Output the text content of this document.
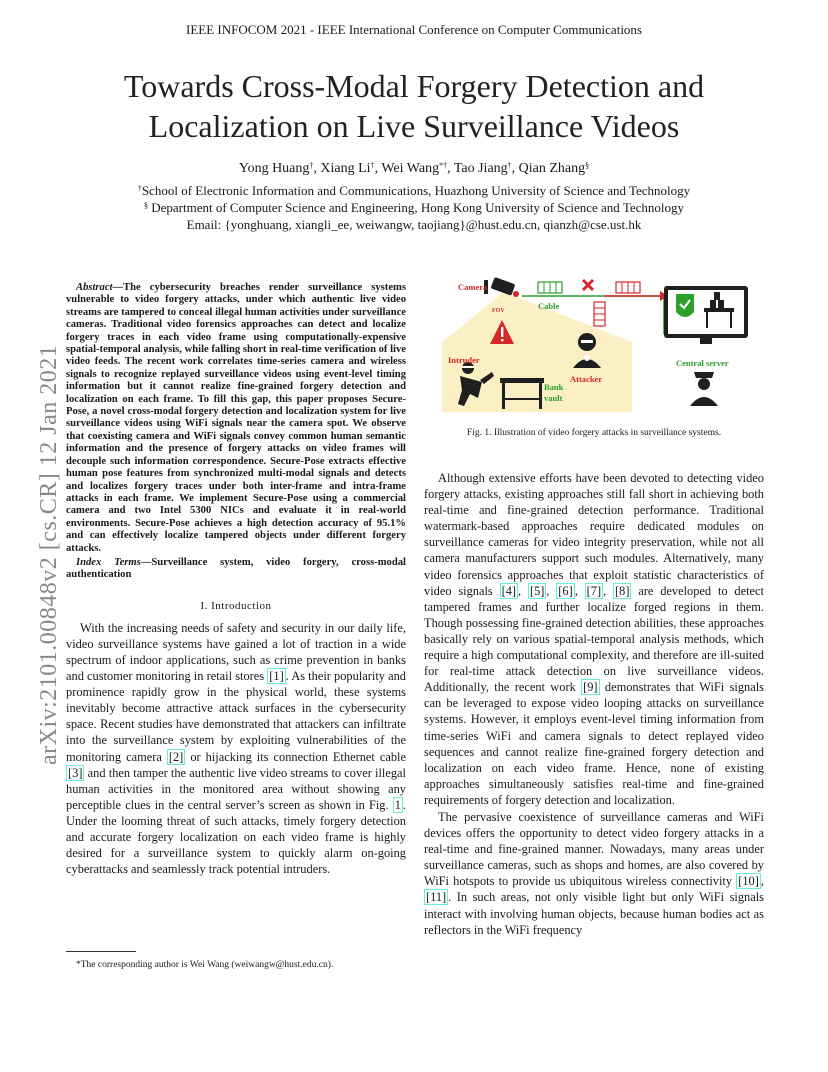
IEEE INFOCOM 2021 - IEEE International Conference on Computer Communications
Towards Cross-Modal Forgery Detection and
Localization on Live Surveillance Videos
Yong Huang†, Xiang Li†, Wei Wang*†, Tao Jiang†, Qian Zhang§
†School of Electronic Information and Communications, Huazhong University of Science and Technology
§ Department of Computer Science and Engineering, Hong Kong University of Science and Technology
Email: {yonghuang, xiangli_ee, weiwangw, taojiang}@hust.edu.cn, qianzh@cse.ust.hk
arXiv:2101.00848v2 [cs.CR] 12 Jan 2021

Abstract—The cybersecurity breaches render surveillance systems vulnerable to video forgery attacks, under which authentic live video streams are tampered to conceal illegal human activities under surveillance cameras. Traditional video forensics approaches can detect and localize forgery traces in each video frame using computationally-expensive spatial-temporal analysis, while falling short in real-time verification of live video feeds. The recent work correlates time-series camera and wireless signals to recognize replayed surveillance videos using event-level timing information but it cannot realize fine-grained forgery detection and localization on each frame. To fill this gap, this paper proposes Secure-Pose, a novel cross-modal forgery detection and localization system for live surveillance videos using WiFi signals near the camera spot. We observe that coexisting camera and WiFi signals convey common human semantic information and the presence of forgery attacks on video frames will decouple such information correspondence. Secure-Pose extracts effective human pose features from synchronized multi-modal signals and detects and localizes forgery traces under both inter-frame and intra-frame attacks in each frame. We implement Secure-Pose using a commercial camera and two Intel 5300 NICs and evaluate it in real-world environments. Secure-Pose achieves a high detection accuracy of 95.1% and can effectively localize tampered objects under different forgery attacks.

Index Terms—Surveillance system, video forgery, cross-modal authentication

I. Introduction

With the increasing needs of safety and security in our daily life, video surveillance systems have gained a lot of traction in a wide spectrum of indoor applications, such as crime prevention in banks and customer monitoring in retail stores [1] . As their popularity and prominence rapidly grow in the physical world, these systems inevitably become attractive attack surfaces in the cybersecurity space. Recent studies have demonstrated that attackers can infiltrate into the surveillance system by exploiting vulnerabilities of the monitoring camera [2] or hijacking its connection Ethernet cable [3] and then tamper the authentic live video streams to cover illegal human activities in the monitored area without showing any perceptible clues in the central server’s screen as shown in Fig. 1 . Under the looming threat of such attacks, timely forgery detection and accurate forgery localization on each video frame is highly desired for a surveillance system to quickly alarm on-going cyberattacks and seamlessly track potential intruders.

*The corresponding author is Wei Wang (weiwangw@hust.edu.cn).
Camera
Cable
FOV
Intruder
Bank
vault
Attacker
Central server
Fig. 1. Illustration of video forgery attacks in surveillance systems.

Although extensive efforts have been devoted to detecting video forgery attacks, existing approaches still fall short in achieving both real-time and fine-grained detection performance. Traditional watermark-based approaches require dedicated modules on surveillance cameras for video integrity preservation, while not all camera manufacturers support such modules. Alternatively, many video forensics approaches that exploit statistic characteristics of video signals [4] , [5] , [6] , [7] , [8] are developed to detect tampered frames and further localize forged regions in them. Though possessing fine-grained detection abilities, these approaches basically rely on various spatial-temporal analysis methods, which require a high computational complexity, and therefore are ill-suited for real-time attack detection on live surveillance videos. Additionally, the recent work [9] demonstrates that WiFi signals can be leveraged to expose video looping attacks on surveillance systems. However, it employs event-level timing information from time-series WiFi and camera signals to detect replayed video sequences and cannot realize fine-grained forgery detection and localization on each video frame. Hence, none of existing approaches simultaneously satisfies real-time and fine-grained requirements of forgery detection and localization.

The pervasive coexistence of surveillance cameras and WiFi devices offers the opportunity to detect video forgery attacks in a real-time and fine-grained manner. Nowadays, many areas under surveillance cameras, such as shops and homes, are also covered by WiFi hotspots to provide us ubiquitous wireless connectivity [10] , [11] . In such areas, not only visible light but only WiFi signals interact with involving human objects, because human bodies act as reflectors in the WiFi frequency
